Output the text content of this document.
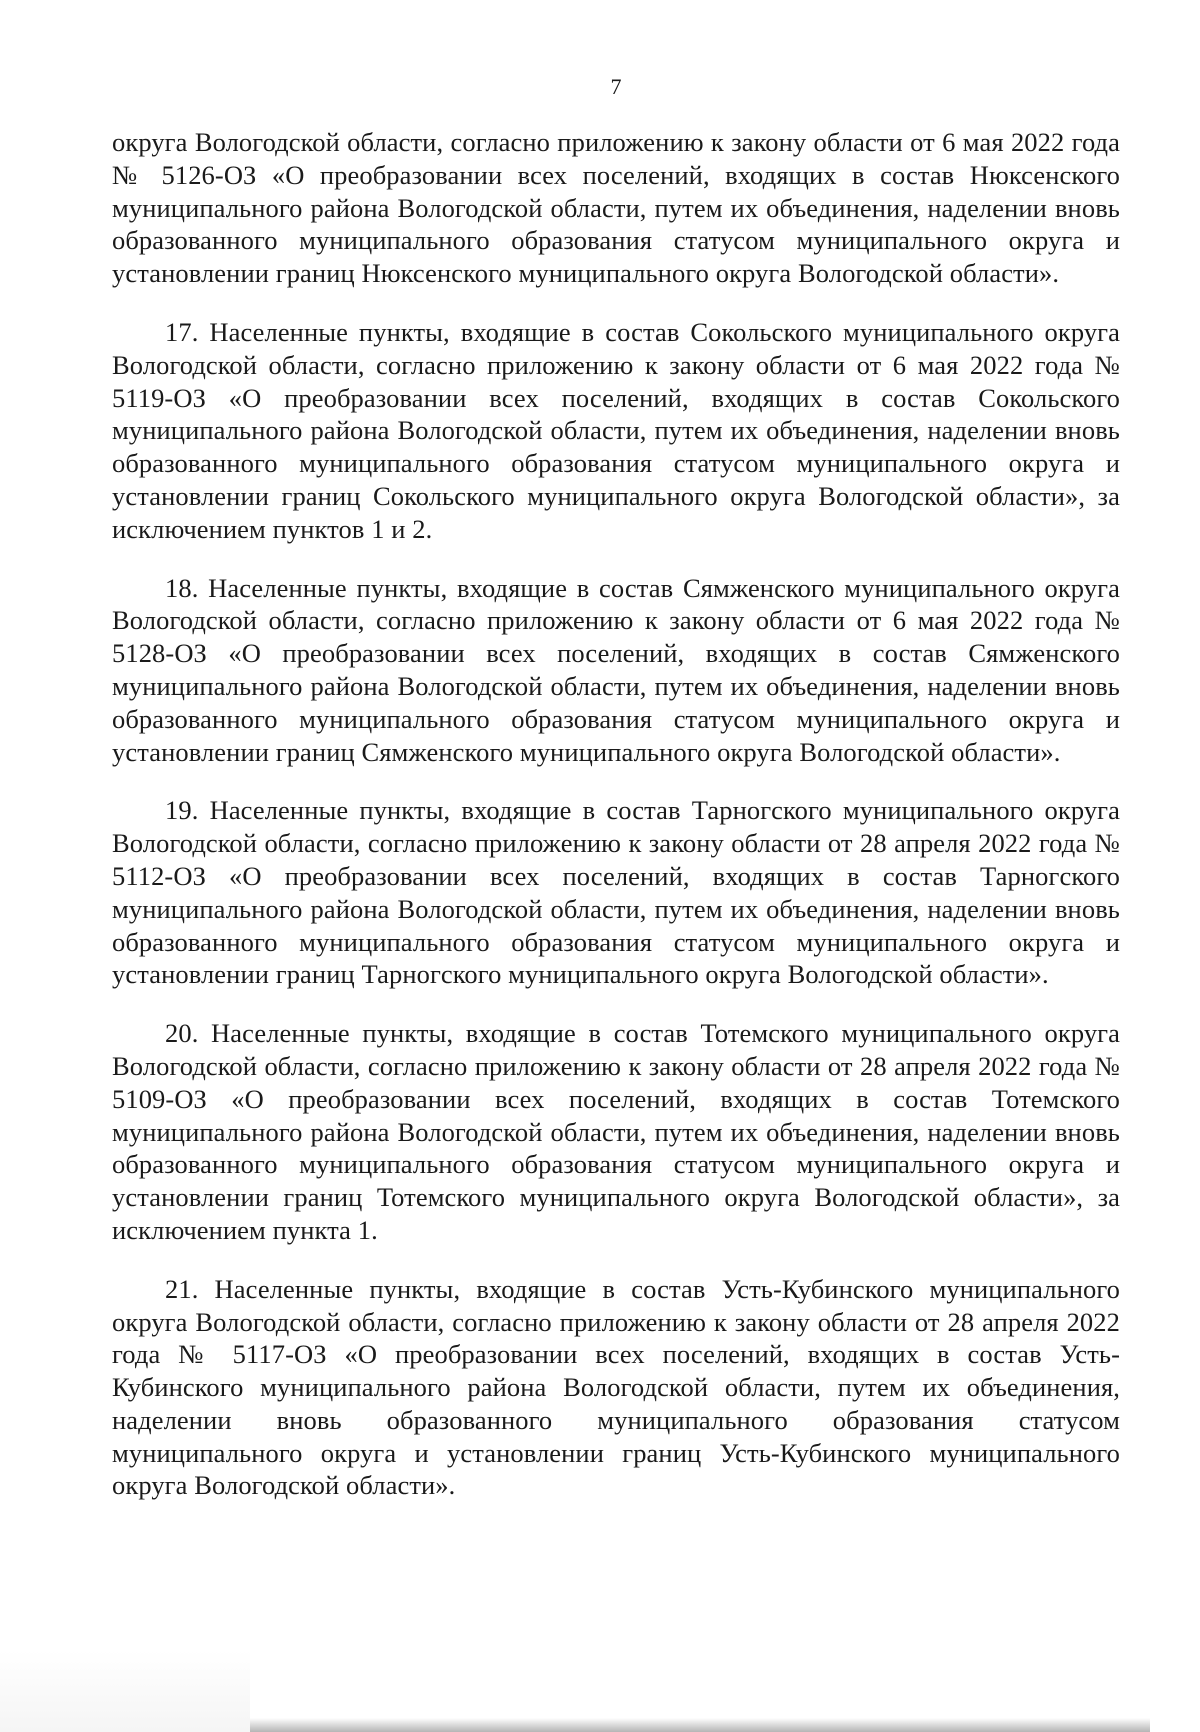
7

округа Вологодской области, согласно приложению к закону области от 6 мая 2022 года № 5126-ОЗ «О преобразовании всех поселений, входящих в состав Нюксенского муниципального района Вологодской области, путем их объединения, наделении вновь образованного муниципального образования статусом муниципального округа и установлении границ Нюксенского муниципального округа Вологодской области».

17. Населенные пункты, входящие в состав Сокольского муниципального округа Вологодской области, согласно приложению к закону области от 6 мая 2022 года № 5119-ОЗ «О преобразовании всех поселений, входящих в состав Сокольского муниципального района Вологодской области, путем их объединения, наделении вновь образованного муниципального образования статусом муниципального округа и установлении границ Сокольского муниципального округа Вологодской области», за исключением пунктов 1 и 2.

18. Населенные пункты, входящие в состав Сямженского муниципального округа Вологодской области, согласно приложению к закону области от 6 мая 2022 года № 5128-ОЗ «О преобразовании всех поселений, входящих в состав Сямженского муниципального района Вологодской области, путем их объединения, наделении вновь образованного муниципального образования статусом муниципального округа и установлении границ Сямженского муниципального округа Вологодской области».

19. Населенные пункты, входящие в состав Тарногского муниципального округа Вологодской области, согласно приложению к закону области от 28 апреля 2022 года № 5112-ОЗ «О преобразовании всех поселений, входящих в состав Тарногского муниципального района Вологодской области, путем их объединения, наделении вновь образованного муниципального образования статусом муниципального округа и установлении границ Тарногского муниципального округа Вологодской области».

20. Населенные пункты, входящие в состав Тотемского муниципального округа Вологодской области, согласно приложению к закону области от 28 апреля 2022 года № 5109-ОЗ «О преобразовании всех поселений, входящих в состав Тотемского муниципального района Вологодской области, путем их объединения, наделении вновь образованного муниципального образования статусом муниципального округа и установлении границ Тотемского муниципального округа Вологодской области», за исключением пункта 1.

21. Населенные пункты, входящие в состав Усть-Кубинского муниципального округа Вологодской области, согласно приложению к закону области от 28 апреля 2022 года № 5117-ОЗ «О преобразовании всех поселений, входящих в состав Усть-Кубинского муниципального района Вологодской области, путем их объединения, наделении вновь образованного муниципального образования статусом муниципального округа и установлении границ Усть-Кубинского муниципального округа Вологодской области».
